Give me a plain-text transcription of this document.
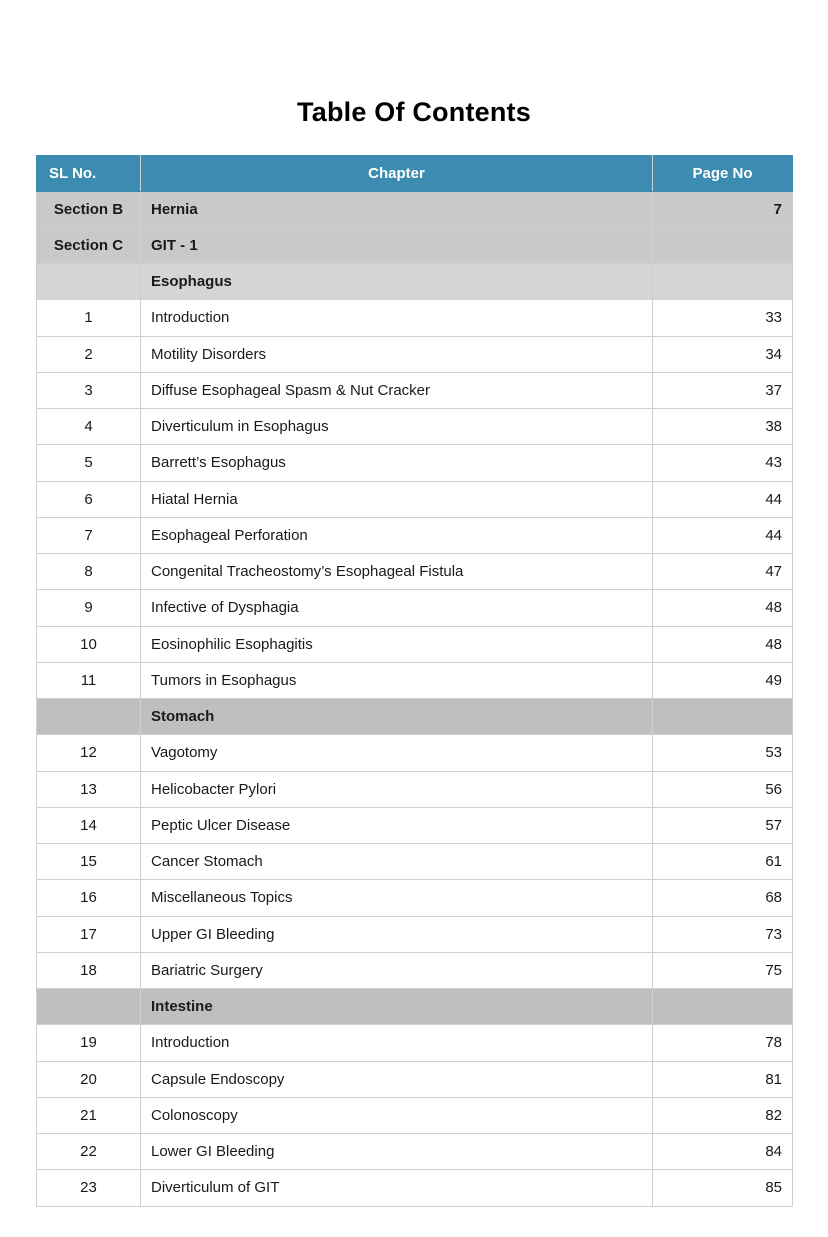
Table Of Contents
SL No.	Chapter	Page No
Section B	Hernia	7
Section C	GIT - 1	
	Esophagus	
1	Introduction	33
2	Motility Disorders	34
3	Diffuse Esophageal Spasm & Nut Cracker	37
4	Diverticulum in Esophagus	38
5	Barrett’s Esophagus	43
6	Hiatal Hernia	44
7	Esophageal Perforation	44
8	Congenital Tracheostomy’s Esophageal Fistula	47
9	Infective of Dysphagia	48
10	Eosinophilic Esophagitis	48
11	Tumors in Esophagus	49
	Stomach	
12	Vagotomy	53
13	Helicobacter Pylori	56
14	Peptic Ulcer Disease	57
15	Cancer Stomach	61
16	Miscellaneous Topics	68
17	Upper GI Bleeding	73
18	Bariatric Surgery	75
	Intestine	
19	Introduction	78
20	Capsule Endoscopy	81
21	Colonoscopy	82
22	Lower GI Bleeding	84
23	Diverticulum of GIT	85
